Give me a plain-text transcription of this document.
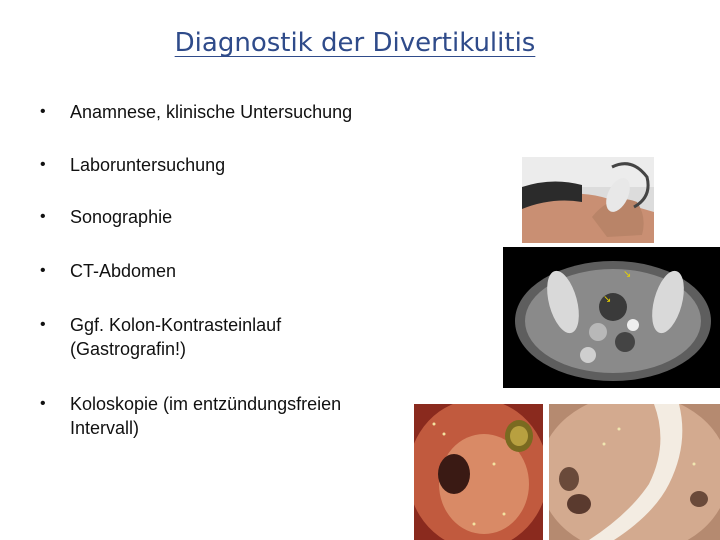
Diagnostik der Divertikulitis
• Anamnese, klinische Untersuchung
• Laboruntersuchung
• Sonographie
• CT-Abdomen
• Ggf. Kolon-Kontrasteinlauf (Gastrografin!)
• Koloskopie (im entzündungsfreien Intervall)
↘
↘
